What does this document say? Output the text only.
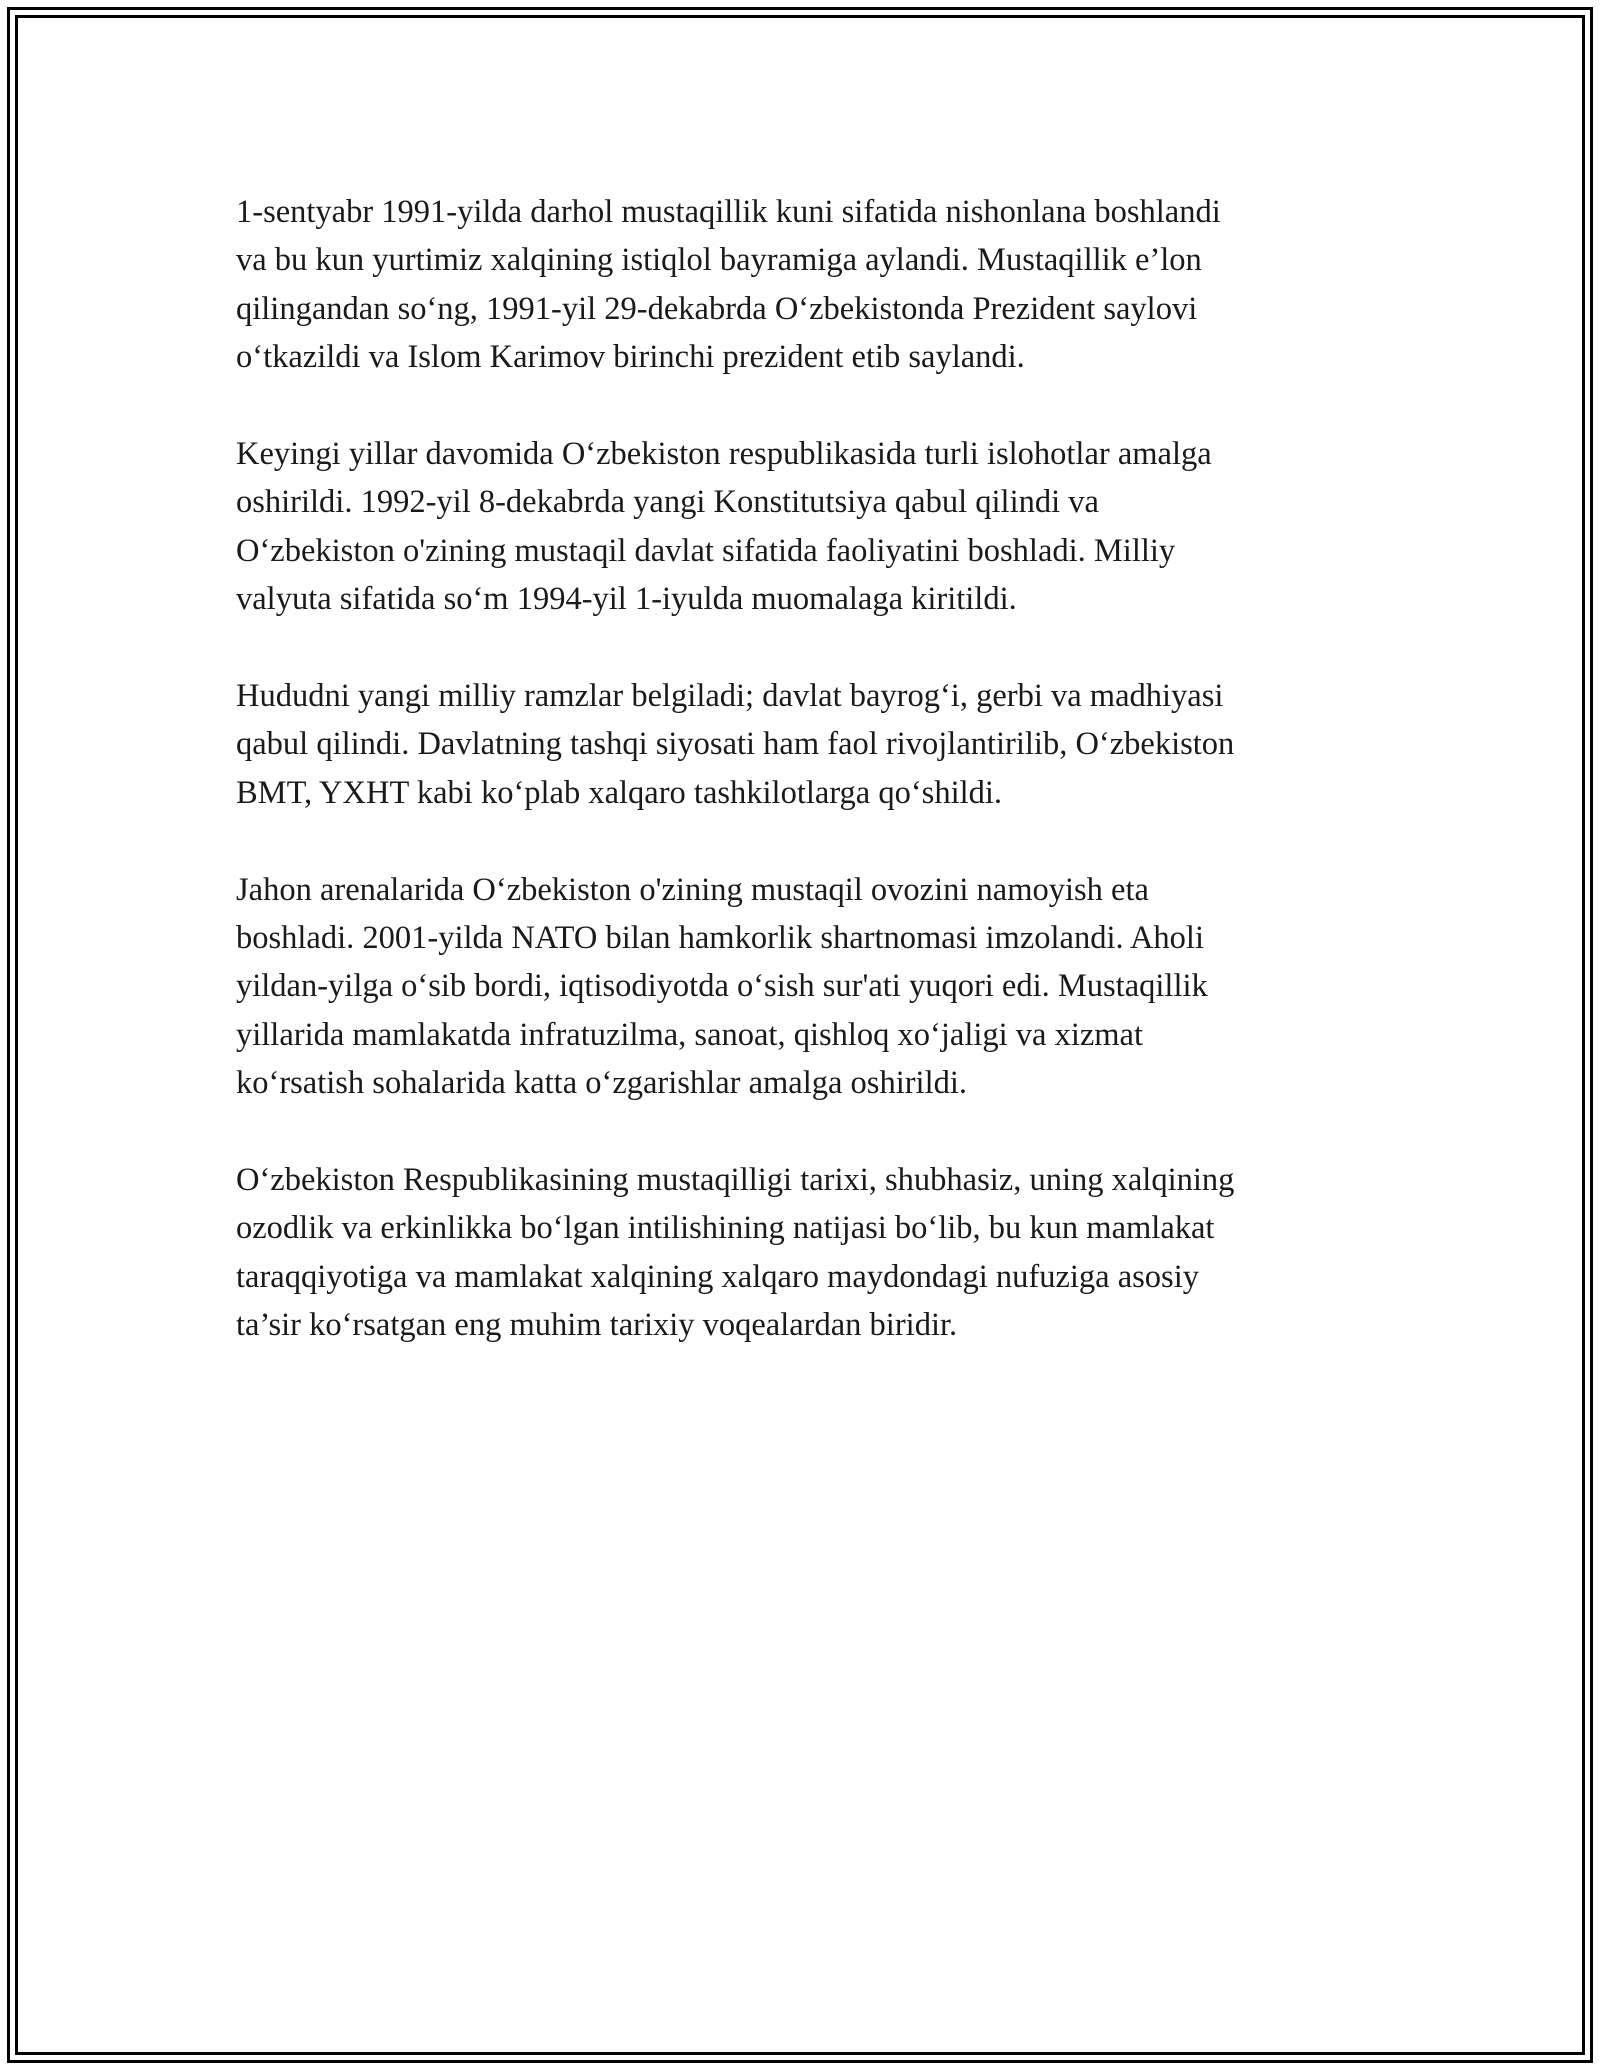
1-sentyabr 1991-yilda darhol mustaqillik kuni sifatida nishonlana boshlandi
va bu kun yurtimiz xalqining istiqlol bayramiga aylandi. Mustaqillik e’lon
qilingandan so‘ng, 1991-yil 29-dekabrda O‘zbekistonda Prezident saylovi
o‘tkazildi va Islom Karimov birinchi prezident etib saylandi.

Keyingi yillar davomida O‘zbekiston respublikasida turli islohotlar amalga
oshirildi. 1992-yil 8-dekabrda yangi Konstitutsiya qabul qilindi va
O‘zbekiston o'zining mustaqil davlat sifatida faoliyatini boshladi. Milliy
valyuta sifatida so‘m 1994-yil 1-iyulda muomalaga kiritildi.

Hududni yangi milliy ramzlar belgiladi; davlat bayrog‘i, gerbi va madhiyasi
qabul qilindi. Davlatning tashqi siyosati ham faol rivojlantirilib, O‘zbekiston
BMT, YXHT kabi ko‘plab xalqaro tashkilotlarga qo‘shildi.

Jahon arenalarida O‘zbekiston o'zining mustaqil ovozini namoyish eta
boshladi. 2001-yilda NATO bilan hamkorlik shartnomasi imzolandi. Aholi
yildan-yilga o‘sib bordi, iqtisodiyotda o‘sish sur'ati yuqori edi. Mustaqillik
yillarida mamlakatda infratuzilma, sanoat, qishloq xo‘jaligi va xizmat
ko‘rsatish sohalarida katta o‘zgarishlar amalga oshirildi.

O‘zbekiston Respublikasining mustaqilligi tarixi, shubhasiz, uning xalqining
ozodlik va erkinlikka bo‘lgan intilishining natijasi bo‘lib, bu kun mamlakat
taraqqiyotiga va mamlakat xalqining xalqaro maydondagi nufuziga asosiy
ta’sir ko‘rsatgan eng muhim tarixiy voqealardan biridir.
